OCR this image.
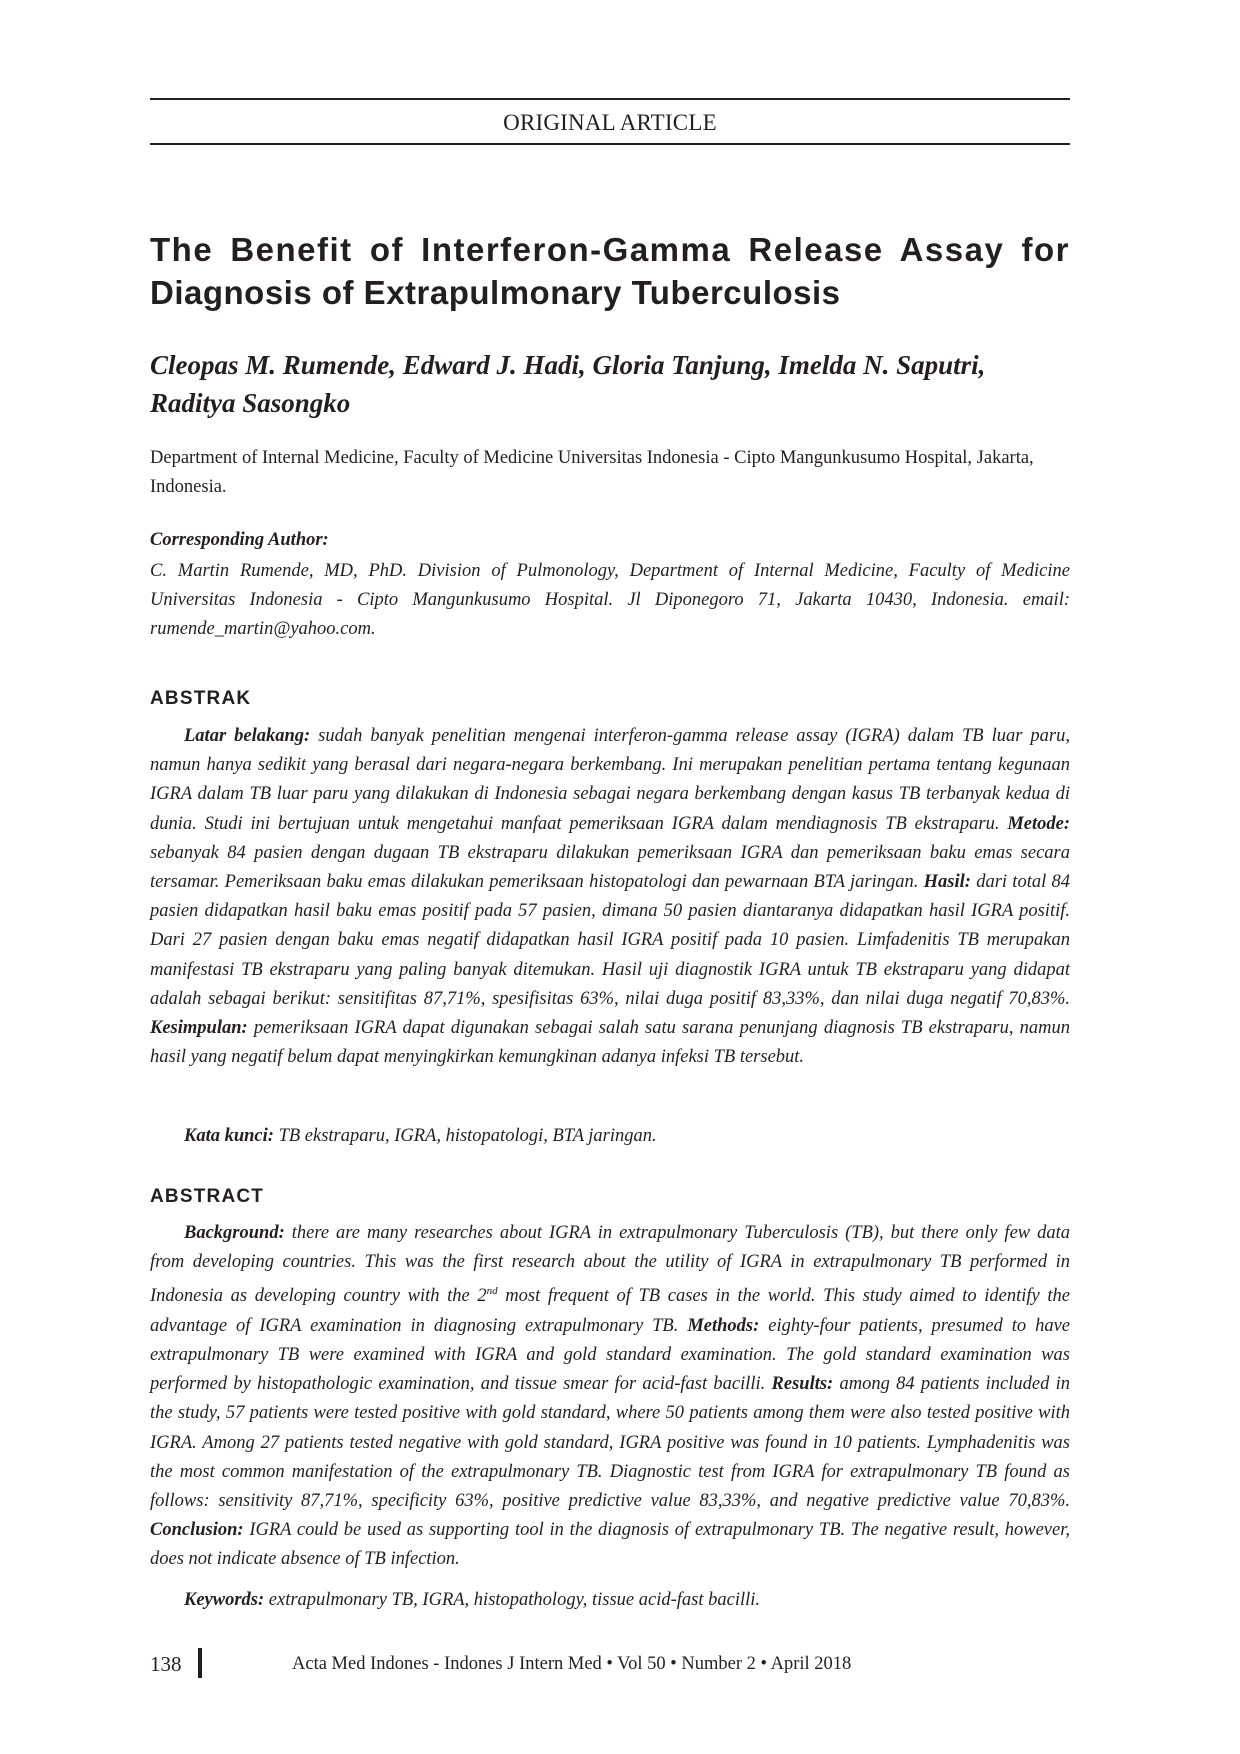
ORIGINAL ARTICLE
The Benefit of Interferon-Gamma Release Assay for
Diagnosis of Extrapulmonary Tuberculosis

Cleopas M. Rumende, Edward J. Hadi, Gloria Tanjung, Imelda N. Saputri, Raditya Sasongko

Department of Internal Medicine, Faculty of Medicine Universitas Indonesia - Cipto Mangunkusumo Hospital, Jakarta, Indonesia.

Corresponding Author:

C. Martin Rumende, MD, PhD. Division of Pulmonology, Department of Internal Medicine, Faculty of Medicine Universitas Indonesia - Cipto Mangunkusumo Hospital. Jl Diponegoro 71, Jakarta 10430, Indonesia. email: rumende_martin@yahoo.com.

ABSTRAK

Latar belakang: sudah banyak penelitian mengenai interferon-gamma release assay (IGRA) dalam TB luar paru, namun hanya sedikit yang berasal dari negara-negara berkembang. Ini merupakan penelitian pertama tentang kegunaan IGRA dalam TB luar paru yang dilakukan di Indonesia sebagai negara berkembang dengan kasus TB terbanyak kedua di dunia. Studi ini bertujuan untuk mengetahui manfaat pemeriksaan IGRA dalam mendiagnosis TB ekstraparu. Metode: sebanyak 84 pasien dengan dugaan TB ekstraparu dilakukan pemeriksaan IGRA dan pemeriksaan baku emas secara tersamar. Pemeriksaan baku emas dilakukan pemeriksaan histopatologi dan pewarnaan BTA jaringan. Hasil: dari total 84 pasien didapatkan hasil baku emas positif pada 57 pasien, dimana 50 pasien diantaranya didapatkan hasil IGRA positif. Dari 27 pasien dengan baku emas negatif didapatkan hasil IGRA positif pada 10 pasien. Limfadenitis TB merupakan manifestasi TB ekstraparu yang paling banyak ditemukan. Hasil uji diagnostik IGRA untuk TB ekstraparu yang didapat adalah sebagai berikut: sensitifitas 87,71%, spesifisitas 63%, nilai duga positif 83,33%, dan nilai duga negatif 70,83%. Kesimpulan: pemeriksaan IGRA dapat digunakan sebagai salah satu sarana penunjang diagnosis TB ekstraparu, namun hasil yang negatif belum dapat menyingkirkan kemungkinan adanya infeksi TB tersebut.

Kata kunci: TB ekstraparu, IGRA, histopatologi, BTA jaringan.

ABSTRACT

Background: there are many researches about IGRA in extrapulmonary Tuberculosis (TB), but there only few data from developing countries. This was the first research about the utility of IGRA in extrapulmonary TB performed in Indonesia as developing country with the 2nd most frequent of TB cases in the world. This study aimed to identify the advantage of IGRA examination in diagnosing extrapulmonary TB. Methods: eighty-four patients, presumed to have extrapulmonary TB were examined with IGRA and gold standard examination. The gold standard examination was performed by histopathologic examination, and tissue smear for acid-fast bacilli. Results: among 84 patients included in the study, 57 patients were tested positive with gold standard, where 50 patients among them were also tested positive with IGRA. Among 27 patients tested negative with gold standard, IGRA positive was found in 10 patients. Lymphadenitis was the most common manifestation of the extrapulmonary TB. Diagnostic test from IGRA for extrapulmonary TB found as follows: sensitivity 87,71%, specificity 63%, positive predictive value 83,33%, and negative predictive value 70,83%. Conclusion: IGRA could be used as supporting tool in the diagnosis of extrapulmonary TB. The negative result, however, does not indicate absence of TB infection.

Keywords: extrapulmonary TB, IGRA, histopathology, tissue acid-fast bacilli.

138	Acta Med Indones - Indones J Intern Med • Vol 50 • Number 2 • April 2018
